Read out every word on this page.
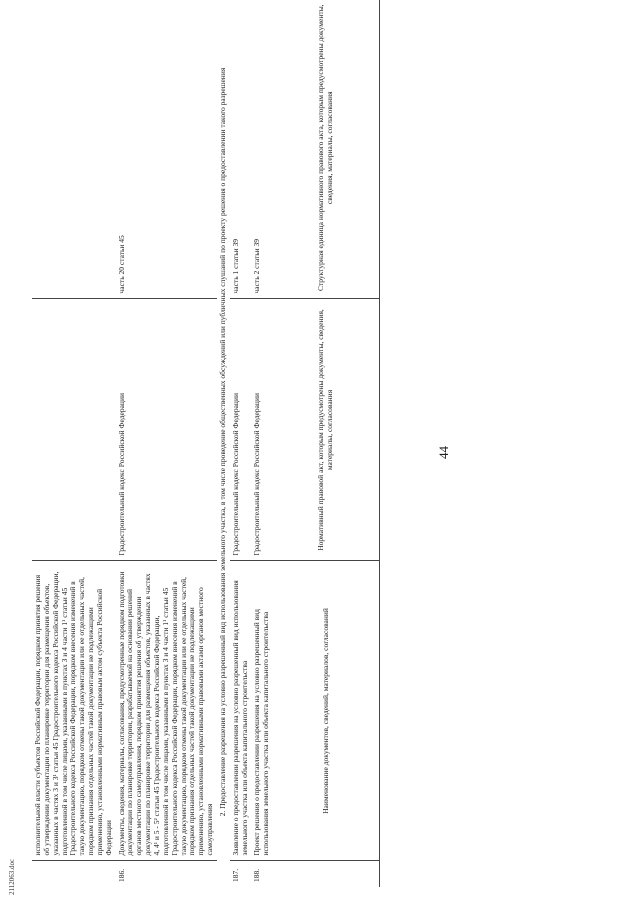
2112063.doc
44
	исполнительной власти субъектов Российской Федерации, порядком принятия решения об утверждении документации по планировке территории для размещения объектов, указанных в частях 3 и 3¹ статьи 45 Градостроительного кодекса Российской Федерации, подготовленной в том числе лицами, указанными в пунктах 3 и 4 части 1¹ статьи 45 Градостроительного кодекса Российской Федерации, порядком внесения изменений в такую документацию, порядком отмены такой документации или ее отдельных частей, порядком признания отдельных частей такой документации не подлежащими применению, установленными нормативным правовым актом субъекта Российской Федерации		
186.	Документы, сведения, материалы, согласования, предусмотренные порядком подготовки документации по планировке территории, разрабатываемой на основании решений органов местного самоуправления, порядком принятия решения об утверждении документации по планировке территории для размещения объектов, указанных в частях 4, 4¹ и 5 - 5² статьи 45 Градостроительного кодекса Российской Федерации, подготовленной в том числе лицами, указанными в пунктах 3 и 4 части 1¹ статьи 45 Градостроительного кодекса Российской Федерации, порядком внесения изменений в такую документацию, порядком отмены такой документации или ее отдельных частей, порядком признания отдельных частей такой документации не подлежащими применению, установленными нормативными правовыми актами органов местного самоуправления	Градостроительный кодекс Российской Федерации	часть 20 статьи 45
2. Предоставление разрешения на условно разрешенный вид использования земельного участка, в том числе проведение общественных обсуждений или публичных слушаний по проекту решения о предоставлении такого разрешения			
187.	Заявление о предоставлении разрешения на условно разрешенный вид использования земельного участка или объекта капитального строительства	Градостроительный кодекс Российской Федерации	часть 1 статьи 39
188.	Проект решения о предоставлении разрешения на условно разрешенный вид использования земельного участка или объекта капитального строительства	Градостроительный кодекс Российской Федерации	часть 2 статьи 39
	Наименование документов, сведений, материалов, согласований	Нормативный правовой акт, которым предусмотрены документы, сведения, материалы, согласования	Структурная единица нормативного правового акта, которым предусмотрены документы, сведения, материалы, согласования
